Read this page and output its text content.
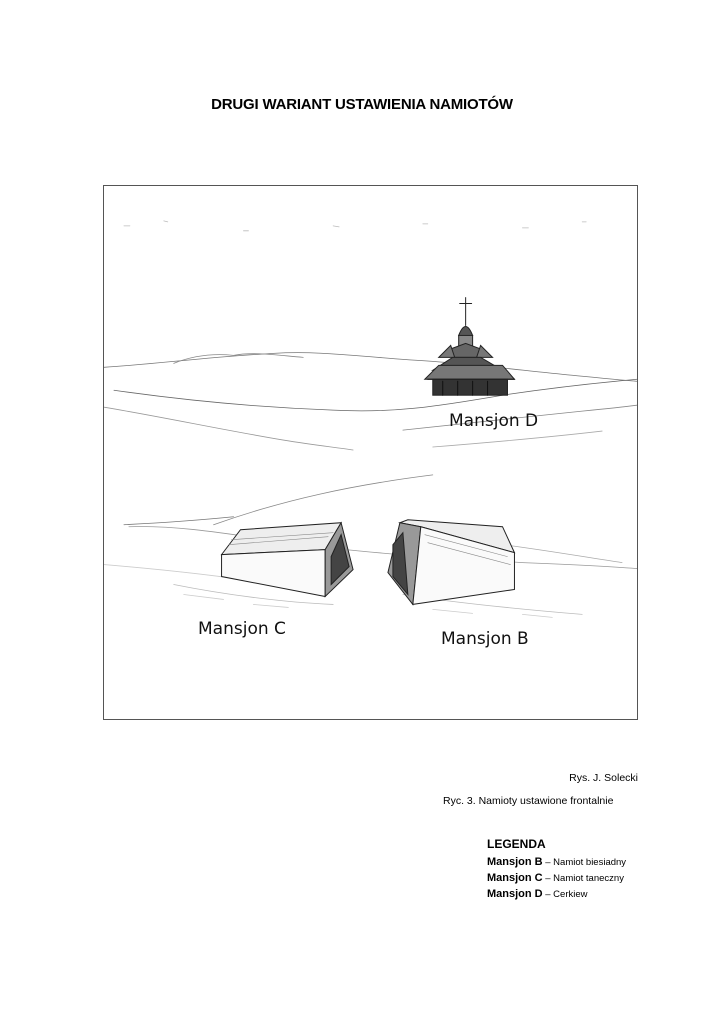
DRUGI WARIANT USTAWIENIA NAMIOTÓW
Mansjon D
Mansjon C	Mansjon B
Rys. J. Solecki
Ryc. 3. Namioty ustawione frontalnie
LEGENDA
Mansjon B – Namiot biesiadny
Mansjon C – Namiot taneczny
Mansjon D – Cerkiew
